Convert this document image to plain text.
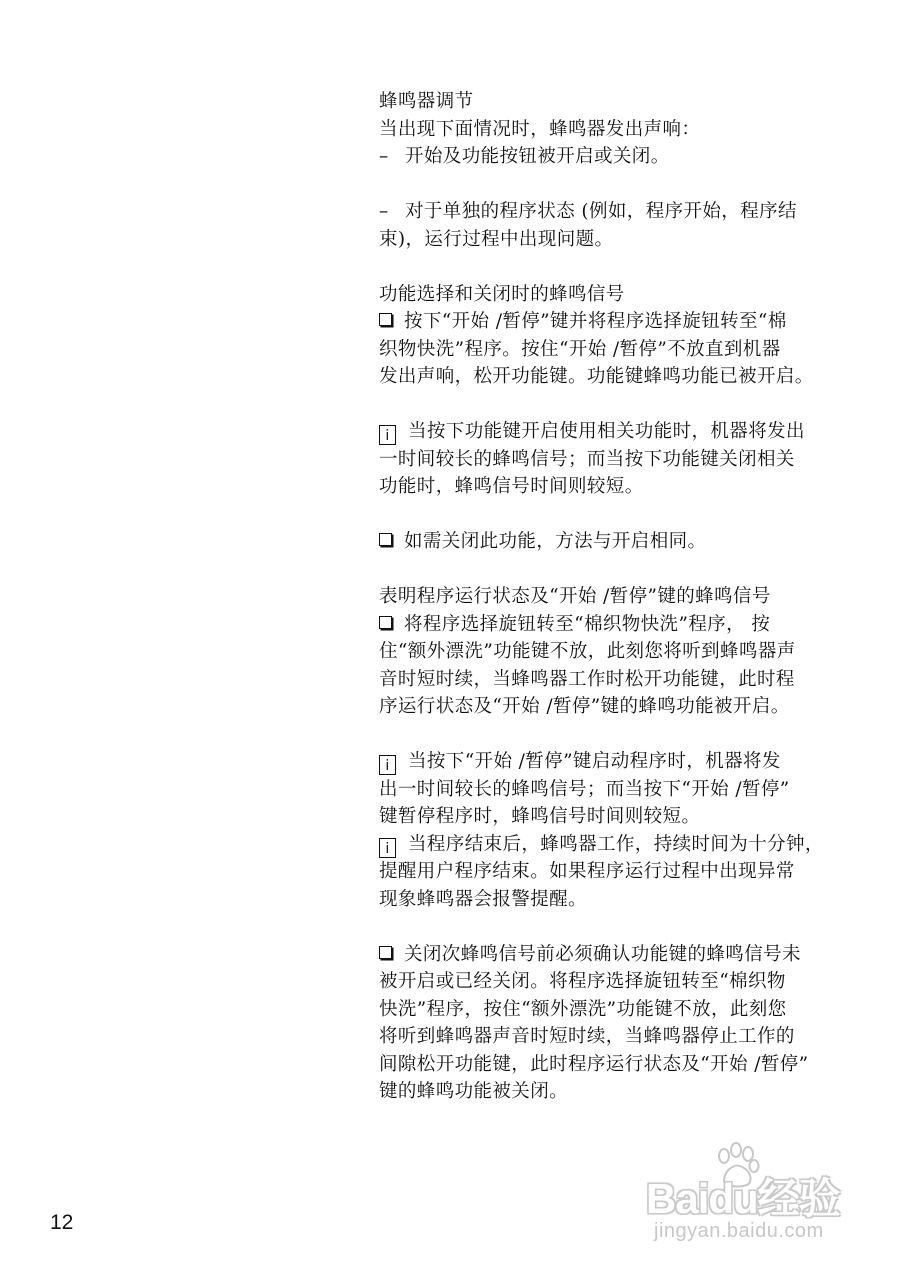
蜂鸣器调节

当出现下面情况时，蜂鸣器发出声响：

– 开始及功能按钮被开启或关闭。

– 对于单独的程序状态 (例如，程序开始，程序结

束)，运行过程中出现问题。

功能选择和关闭时的蜂鸣信号

按下“开始 /暂停”键并将程序选择旋钮转至“棉

织物快洗”程序。按住“开始 /暂停”不放直到机器

发出声响，松开功能键。功能键蜂鸣功能已被开启。

i 当按下功能键开启使用相关功能时，机器将发出

一时间较长的蜂鸣信号；而当按下功能键关闭相关

功能时，蜂鸣信号时间则较短。

如需关闭此功能，方法与开启相同。

表明程序运行状态及“开始 /暂停”键的蜂鸣信号

将程序选择旋钮转至“棉织物快洗”程序， 按

住“额外漂洗”功能键不放，此刻您将听到蜂鸣器声

音时短时续，当蜂鸣器工作时松开功能键，此时程

序运行状态及“开始 /暂停”键的蜂鸣功能被开启。

i 当按下“开始 /暂停”键启动程序时，机器将发

出一时间较长的蜂鸣信号；而当按下“开始 /暂停”

键暂停程序时，蜂鸣信号时间则较短。

i 当程序结束后，蜂鸣器工作，持续时间为十分钟，

提醒用户程序结束。如果程序运行过程中出现异常

现象蜂鸣器会报警提醒。

关闭次蜂鸣信号前必须确认功能键的蜂鸣信号未

被开启或已经关闭。将程序选择旋钮转至“棉织物

快洗”程序，按住“额外漂洗”功能键不放，此刻您

将听到蜂鸣器声音时短时续，当蜂鸣器停止工作的

间隙松开功能键，此时程序运行状态及“开始 /暂停”

键的蜂鸣功能被关闭。

12
Baidu经验
jingyan.baidu.com
